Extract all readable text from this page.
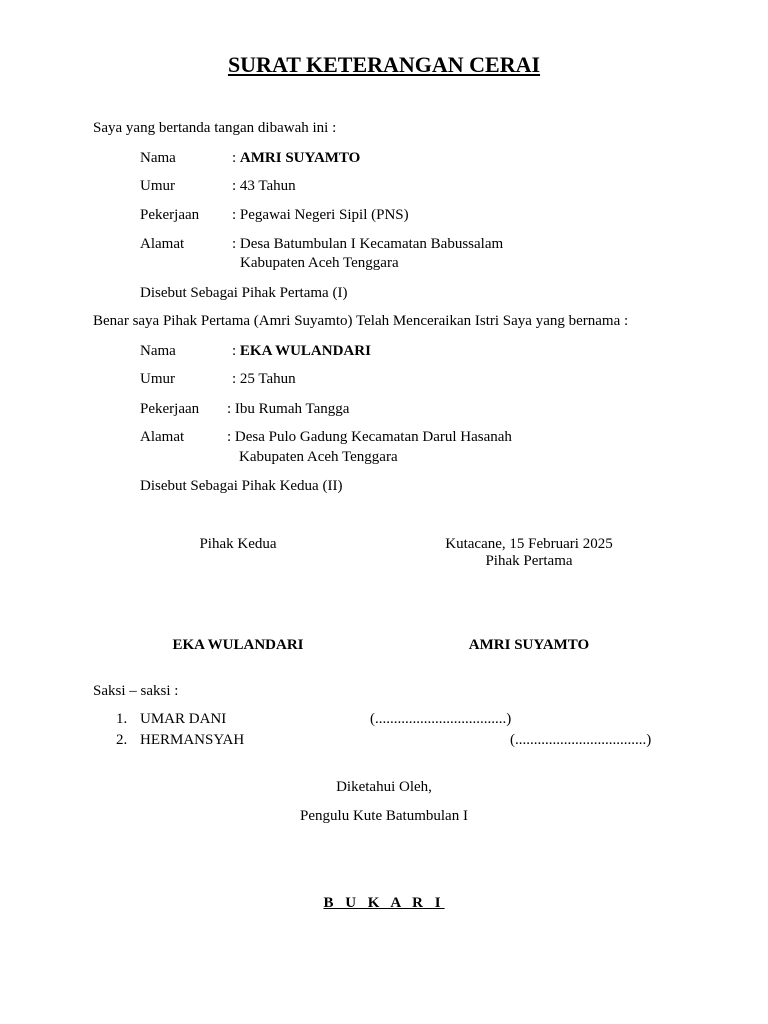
SURAT KETERANGAN CERAI
Saya yang bertanda tangan dibawah ini :
Nama	: AMRI SUYAMTO
Umur	: 43 Tahun
Pekerjaan : Pegawai Negeri Sipil (PNS)
Alamat	: Desa Batumbulan I Kecamatan Babussalam
Kabupaten Aceh Tenggara
Disebut Sebagai Pihak Pertama (I)
Benar saya Pihak Pertama (Amri Suyamto) Telah Menceraikan Istri Saya yang bernama :
Nama	: EKA WULANDARI
Umur	: 25 Tahun
Pekerjaan : Ibu Rumah Tangga
Alamat	: Desa Pulo Gadung Kecamatan Darul Hasanah
Kabupaten Aceh Tenggara
Disebut Sebagai Pihak Kedua (II)
Pihak Kedua	Kutacane, 15 Februari 2025
Pihak Pertama
EKA WULANDARI	AMRI SUYAMTO
Saksi – saksi :
1. UMAR DANI	(...................................)
2. HERMANSYAH	(...................................)
Diketahui Oleh,
Pengulu Kute Batumbulan I
B U K A R I
